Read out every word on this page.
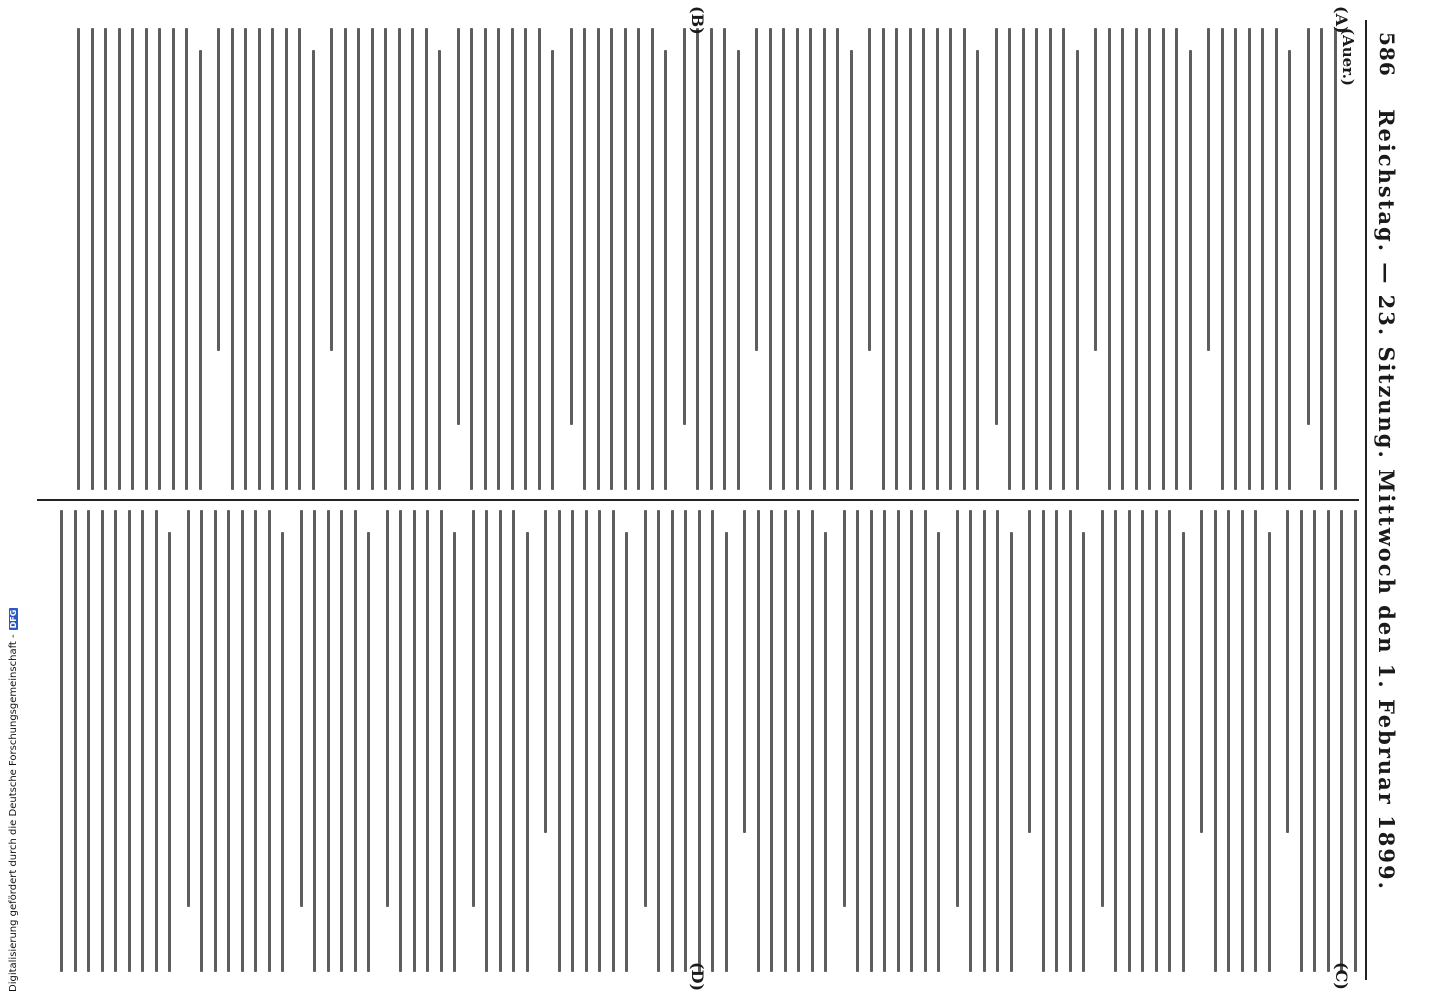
Digitalisierung gefördert durch die Deutsche Forschungsgemeinschaft -
DFG
586
Reichstag. — 23. Sitzung. Mittwoch den 1. Februar 1899.
(Auer.)
(A)
(B)
(C)
(D)
